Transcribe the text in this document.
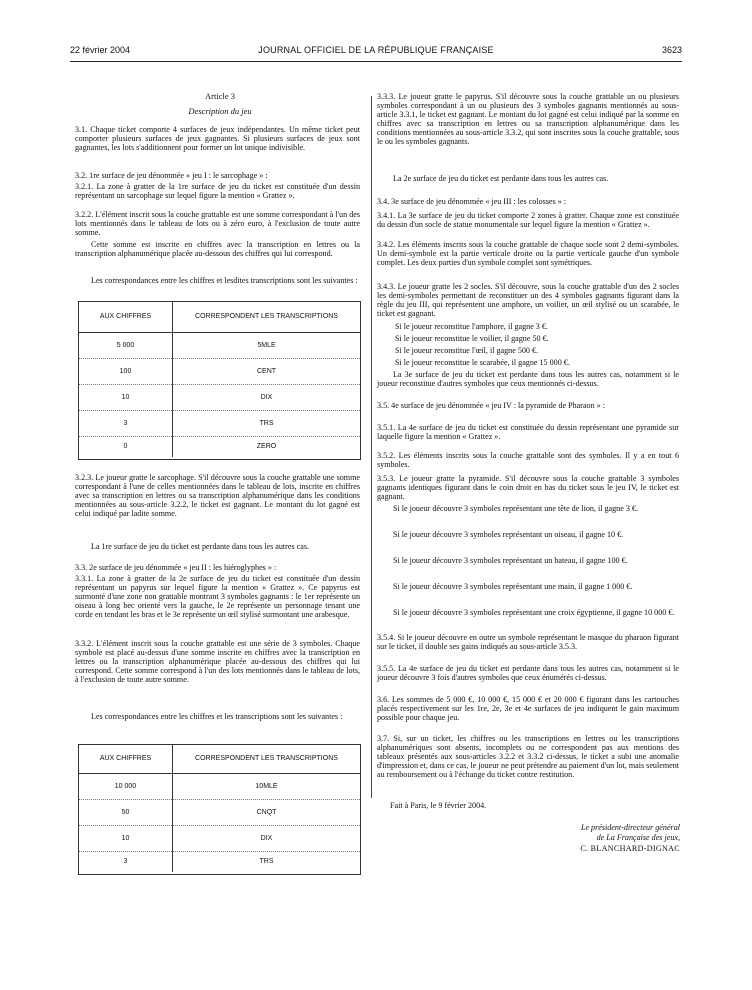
22 février 2004	JOURNAL OFFICIEL DE LA RÉPUBLIQUE FRANÇAISE	3623
Article 3
Description du jeu
3.1. Chaque ticket comporte 4 surfaces de jeux indépendantes. Un même ticket peut comporter plusieurs surfaces de jeux gagnantes. Si plusieurs surfaces de jeux sont gagnantes, les lots s'additionnent pour former un lot unique indivisible.
3.2. 1re surface de jeu dénommée « jeu I : le sarcophage » :
3.2.1. La zone à gratter de la 1re surface de jeu du ticket est constituée d'un dessin représentant un sarcophage sur lequel figure la mention « Grattez ».
3.2.2. L'élément inscrit sous la couche grattable est une somme correspondant à l'un des lots mentionnés dans le tableau de lots ou à zéro euro, à l'exclusion de toute autre somme.
Cette somme est inscrite en chiffres avec la transcription en lettres ou la transcription alphanumérique placée au-dessous des chiffres qui lui correspond.
Les correspondances entre les chiffres et lesdites transcriptions sont les suivantes :
AUX CHIFFRES	CORRESPONDENT LES TRANSCRIPTIONS
5 000	5MLE
100	CENT
10	DIX
3	TRS
0	ZERO
3.2.3. Le joueur gratte le sarcophage. S'il découvre sous la couche grattable une somme correspondant à l'une de celles mentionnées dans le tableau de lots, inscrite en chiffres avec sa transcription en lettres ou sa transcription alphanumérique dans les conditions mentionnées au sous-article 3.2.2, le ticket est gagnant. Le montant du lot gagné est celui indiqué par ladite somme.
La 1re surface de jeu du ticket est perdante dans tous les autres cas.
3.3. 2e surface de jeu dénommée « jeu II : les hiéroglyphes » :
3.3.1. La zone à gratter de la 2e surface de jeu du ticket est constituée d'un dessin représentant un papyrus sur lequel figure la mention « Grattez ». Ce papyrus est surmonté d'une zone non grattable montrant 3 symboles gagnants : le 1er représente un oiseau à long bec orienté vers la gauche, le 2e représente un personnage tenant une corde en tendant les bras et le 3e représente un œil stylisé surmontant une arabesque.
3.3.2. L'élément inscrit sous la couche grattable est une série de 3 symboles. Chaque symbole est placé au-dessus d'une somme inscrite en chiffres avec la transcription en lettres ou la transcription alphanumérique placée au-dessous des chiffres qui lui correspond. Cette somme correspond à l'un des lots mentionnés dans le tableau de lots, à l'exclusion de toute autre somme.
Les correspondances entre les chiffres et les transcriptions sont les suivantes :
AUX CHIFFRES	CORRESPONDENT LES TRANSCRIPTIONS
10 000	10MLE
50	CNQT
10	DIX
3	TRS
3.3.3. Le joueur gratte le papyrus. S'il découvre sous la couche grattable un ou plusieurs symboles correspondant à un ou plusieurs des 3 symboles gagnants mentionnés au sous-article 3.3.1, le ticket est gagnant. Le montant du lot gagné est celui indiqué par la somme en chiffres avec sa transcription en lettres ou sa transcription alphanumérique dans les conditions mentionnées au sous-article 3.3.2, qui sont inscrites sous la couche grattable, sous le ou les symboles gagnants.
La 2e surface de jeu du ticket est perdante dans tous les autres cas.
3.4. 3e surface de jeu dénommée « jeu III : les colosses » :
3.4.1. La 3e surface de jeu du ticket comporte 2 zones à gratter. Chaque zone est constituée du dessin d'un socle de statue monumentale sur lequel figure la mention « Grattez ».
3.4.2. Les éléments inscrits sous la couche grattable de chaque socle sont 2 demi-symboles. Un demi-symbole est la partie verticale droite ou la partie verticale gauche d'un symbole complet. Les deux parties d'un symbole complet sont symétriques.
3.4.3. Le joueur gratte les 2 socles. S'il découvre, sous la couche grattable d'un des 2 socles les demi-symboles permettant de reconstituer un des 4 symboles gagnants figurant dans la règle du jeu III, qui représentent une amphore, un voilier, un œil stylisé ou un scarabée, le ticket est gagnant.
Si le joueur reconstitue l'amphore, il gagne 3 €.
Si le joueur reconstitue le voilier, il gagne 50 €.
Si le joueur reconstitue l'œil, il gagne 500 €.
Si le joueur reconstitue le scarabée, il gagne 15 000 €.
La 3e surface de jeu du ticket est perdante dans tous les autres cas, notamment si le joueur reconstitue d'autres symboles que ceux mentionnés ci-dessus.
3.5. 4e surface de jeu dénommée « jeu IV : la pyramide de Pharaon » :
3.5.1. La 4e surface de jeu du ticket est constituée du dessin représentant une pyramide sur laquelle figure la mention « Grattez ».
3.5.2. Les éléments inscrits sous la couche grattable sont des symboles. Il y a en tout 6 symboles.
3.5.3. Le joueur gratte la pyramide. S'il découvre sous la couche grattable 3 symboles gagnants identiques figurant dans le coin droit en bas du ticket sous le jeu IV, le ticket est gagnant.
Si le joueur découvre 3 symboles représentant une tête de lion, il gagne 3 €.
Si le joueur découvre 3 symboles représentant un oiseau, il gagne 10 €.
Si le joueur découvre 3 symboles représentant un bateau, il gagne 100 €.
Si le joueur découvre 3 symboles représentant une main, il gagne 1 000 €.
Si le joueur découvre 3 symboles représentant une croix égyptienne, il gagne 10 000 €.
3.5.4. Si le joueur découvre en outre un symbole représentant le masque du pharaon figurant sur le ticket, il double ses gains indiqués au sous-article 3.5.3.
3.5.5. La 4e surface de jeu du ticket est perdante dans tous les autres cas, notamment si le joueur découvre 3 fois d'autres symboles que ceux énumérés ci-dessus.
3.6. Les sommes de 5 000 €, 10 000 €, 15 000 € et 20 000 € figurant dans les cartouches placés respectivement sur les 1re, 2e, 3e et 4e surfaces de jeu indiquent le gain maximum possible pour chaque jeu.
3.7. Si, sur un ticket, les chiffres ou les transcriptions en lettres ou les transcriptions alphanumériques sont absents, incomplets ou ne correspondent pas aux mentions des tableaux présentés aux sous-articles 3.2.2 et 3.3.2 ci-dessus, le ticket a subi une anomalie d'impression et, dans ce cas, le joueur ne peut prétendre au paiement d'un lot, mais seulement au remboursement ou à l'échange du ticket contre restitution.
Fait à Paris, le 9 février 2004.
Le président-directeur général
de La Française des jeux,
C. BLANCHARD-DIGNAC
